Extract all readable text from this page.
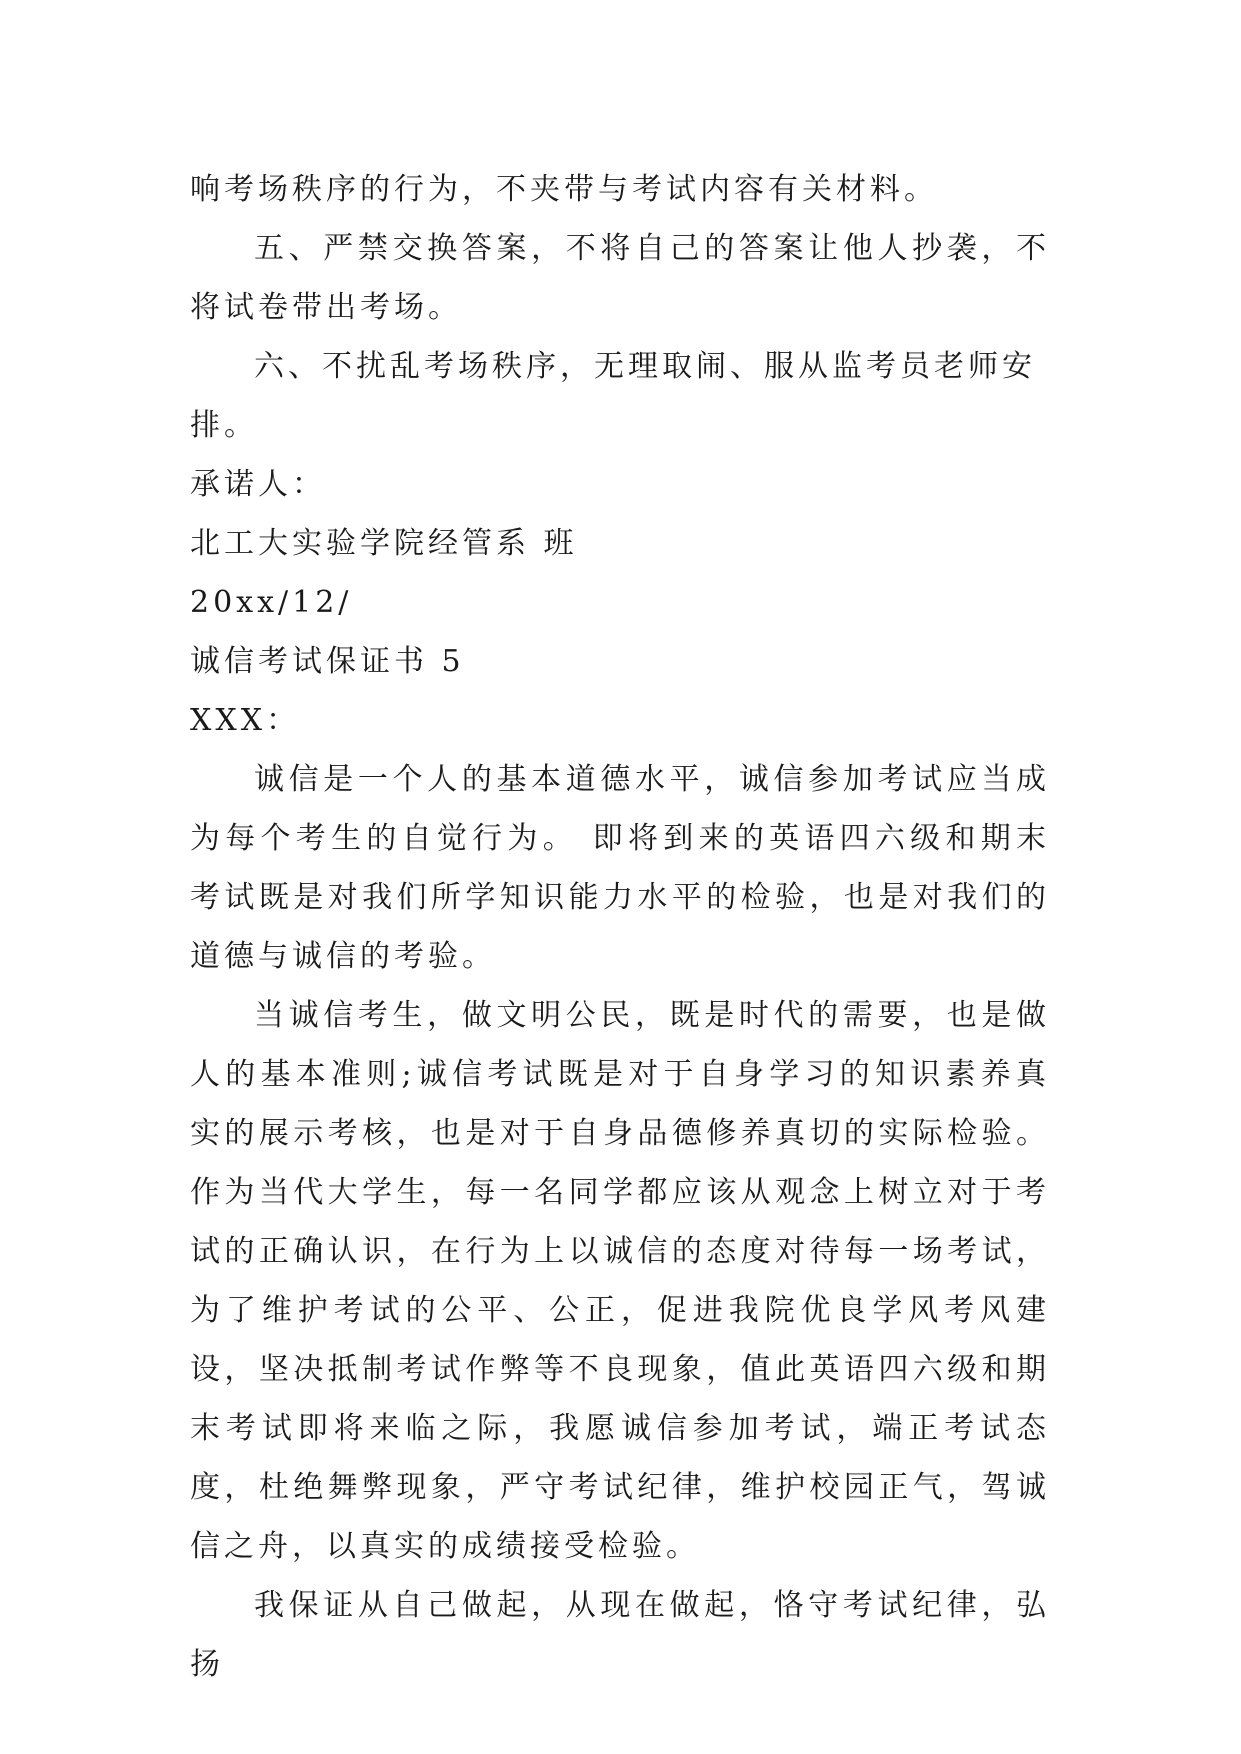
响考场秩序的行为，不夹带与考试内容有关材料。

五、严禁交换答案，不将自己的答案让他人抄袭，不将试卷带出考场。

六、不扰乱考场秩序，无理取闹、服从监考员老师安排。

承诺人：

北工大实验学院经管系 班

20xx/12/

诚信考试保证书 5

XXX：

诚信是一个人的基本道德水平，诚信参加考试应当成为每个考生的自觉行为。 即将到来的英语四六级和期末考试既是对我们所学知识能力水平的检验，也是对我们的道德与诚信的考验。

当诚信考生，做文明公民，既是时代的需要，也是做人的基本准则;诚信考试既是对于自身学习的知识素养真实的展示考核，也是对于自身品德修养真切的实际检验。作为当代大学生，每一名同学都应该从观念上树立对于考试的正确认识，在行为上以诚信的态度对待每一场考试，为了维护考试的公平、公正，促进我院优良学风考风建设，坚决抵制考试作弊等不良现象，值此英语四六级和期末考试即将来临之际，我愿诚信参加考试，端正考试态度，杜绝舞弊现象，严守考试纪律，维护校园正气，驾诚信之舟，以真实的成绩接受检验。

我保证从自己做起，从现在做起，恪守考试纪律，弘扬
